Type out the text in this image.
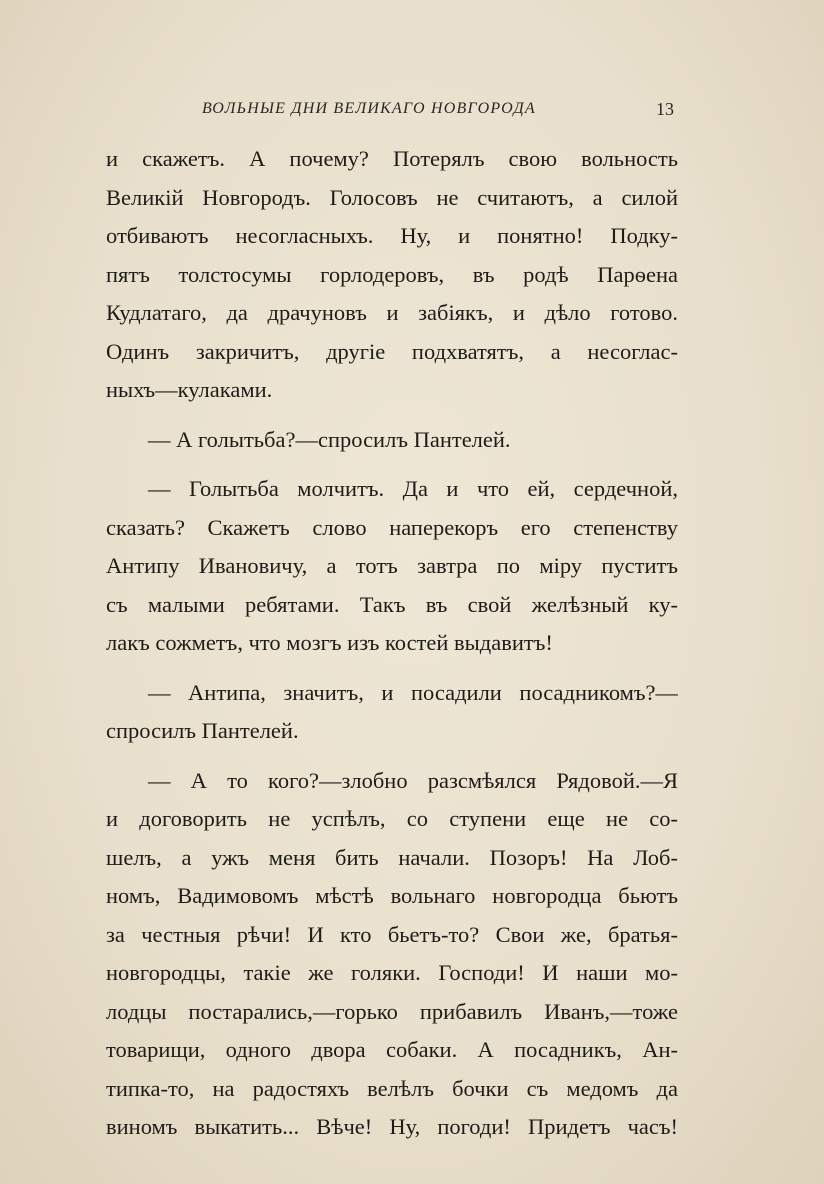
ВОЛЬНЫЕ ДНИ ВЕЛИКАГО НОВГОРОДА	13
и скажетъ. А почему? Потерялъ свою вольность
Великій Новгородъ. Голосовъ не считаютъ, а силой
отбиваютъ несогласныхъ. Ну, и понятно! Подку-
пятъ толстосумы горлодеровъ, въ родѣ Парѳена
Кудлатаго, да драчуновъ и забіякъ, и дѣло готово.
Одинъ закричитъ, другіе подхватятъ, а несоглас-
ныхъ—кулаками.
— А голытьба?—спросилъ Пантелей.
— Голытьба молчитъ. Да и что ей, сердечной,
сказать? Скажетъ слово наперекоръ его степенству
Антипу Ивановичу, а тотъ завтра по міру пуститъ
съ малыми ребятами. Такъ въ свой желѣзный ку-
лакъ сожметъ, что мозгъ изъ костей выдавитъ!
— Антипа, значитъ, и посадили посадникомъ?—
спросилъ Пантелей.
— А то кого?—злобно разсмѣялся Рядовой.—Я
и договорить не успѣлъ, со ступени еще не со-
шелъ, а ужъ меня бить начали. Позоръ! На Лоб-
номъ, Вадимовомъ мѣстѣ вольнаго новгородца бьютъ
за честныя рѣчи! И кто бьетъ-то? Свои же, братья-
новгородцы, такіе же голяки. Господи! И наши мо-
лодцы постарались,—горько прибавилъ Иванъ,—тоже
товарищи, одного двора собаки. А посадникъ, Ан-
типка-то, на радостяхъ велѣлъ бочки съ медомъ да
виномъ выкатить... Вѣче! Ну, погоди! Придетъ часъ!
